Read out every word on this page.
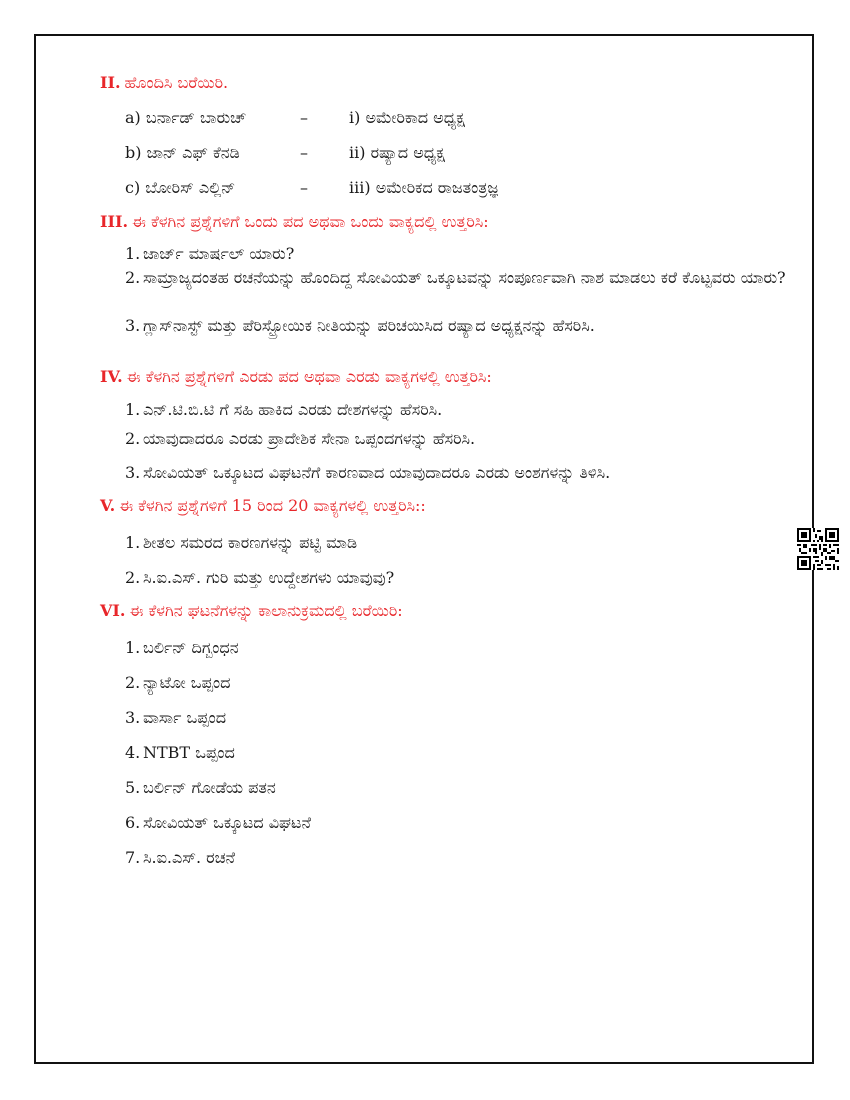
II. ಹೊಂದಿಸಿ ಬರೆಯಿರಿ.
a) ಬರ್ನಾಡ್ ಬಾರುಚ್	–	i) ಅಮೇರಿಕಾದ ಅಧ್ಯಕ್ಷ
b) ಜಾನ್ ಎಫ್ ಕೆನಡಿ	–	ii) ರಷ್ಯಾದ ಅಧ್ಯಕ್ಷ
c) ಬೋರಿಸ್ ಎಲ್ಲಿನ್	–	iii) ಅಮೇರಿಕದ ರಾಜತಂತ್ರಜ್ಞ
III. ಈ ಕೆಳಗಿನ ಪ್ರಶ್ನೆಗಳಿಗೆ ಒಂದು ಪದ ಅಥವಾ ಒಂದು ವಾಕ್ಯದಲ್ಲಿ ಉತ್ತರಿಸಿ:
1. ಜಾರ್ಜ್ ಮಾರ್ಷಲ್ ಯಾರು?
2. ಸಾಮ್ರಾಜ್ಯದಂತಹ ರಚನೆಯನ್ನು ಹೊಂದಿದ್ದ ಸೋವಿಯತ್ ಒಕ್ಕೂಟವನ್ನು ಸಂಪೂರ್ಣವಾಗಿ ನಾಶ ಮಾಡಲು ಕರೆ ಕೊಟ್ಟವರು ಯಾರು?
3. ಗ್ಲಾಸ್‌ನಾಸ್ಟ್ ಮತ್ತು ಪೆರಿಸ್ಟ್ರೋಯಿಕ ನೀತಿಯನ್ನು ಪರಿಚಯಿಸಿದ ರಷ್ಯಾದ ಅಧ್ಯಕ್ಷನನ್ನು ಹೆಸರಿಸಿ.
IV. ಈ ಕೆಳಗಿನ ಪ್ರಶ್ನೆಗಳಿಗೆ ಎರಡು ಪದ ಅಥವಾ ಎರಡು ವಾಕ್ಯಗಳಲ್ಲಿ ಉತ್ತರಿಸಿ:
1. ಎನ್.ಟಿ.ಬಿ.ಟಿ ಗೆ ಸಹಿ ಹಾಕಿದ ಎರಡು ದೇಶಗಳನ್ನು ಹೆಸರಿಸಿ.
2. ಯಾವುದಾದರೂ ಎರಡು ಪ್ರಾದೇಶಿಕ ಸೇನಾ ಒಪ್ಪಂದಗಳನ್ನು ಹೆಸರಿಸಿ.
3. ಸೋವಿಯತ್ ಒಕ್ಕೂಟದ ವಿಘಟನೆಗೆ ಕಾರಣವಾದ ಯಾವುದಾದರೂ ಎರಡು ಅಂಶಗಳನ್ನು ತಿಳಿಸಿ.
V. ಈ ಕೆಳಗಿನ ಪ್ರಶ್ನೆಗಳಿಗೆ 15 ರಿಂದ 20 ವಾಕ್ಯಗಳಲ್ಲಿ ಉತ್ತರಿಸಿ::
1. ಶೀತಲ ಸಮರದ ಕಾರಣಗಳನ್ನು ಪಟ್ಟಿ ಮಾಡಿ
2. ಸಿ.ಐ.ಎಸ್. ಗುರಿ ಮತ್ತು ಉದ್ದೇಶಗಳು ಯಾವುವು?
VI. ಈ ಕೆಳಗಿನ ಘಟನೆಗಳನ್ನು ಕಾಲಾನುಕ್ರಮದಲ್ಲಿ ಬರೆಯಿರಿ:
1. ಬರ್ಲಿನ್ ದಿಗ್ಬಂಧನ
2. ನ್ಯಾಟೋ ಒಪ್ಪಂದ
3. ವಾರ್ಸಾ ಒಪ್ಪಂದ
4. NTBT ಒಪ್ಪಂದ
5. ಬರ್ಲಿನ್ ಗೋಡೆಯ ಪತನ
6. ಸೋವಿಯತ್ ಒಕ್ಕೂಟದ ವಿಘಟನೆ
7. ಸಿ.ಐ.ಎಸ್. ರಚನೆ
